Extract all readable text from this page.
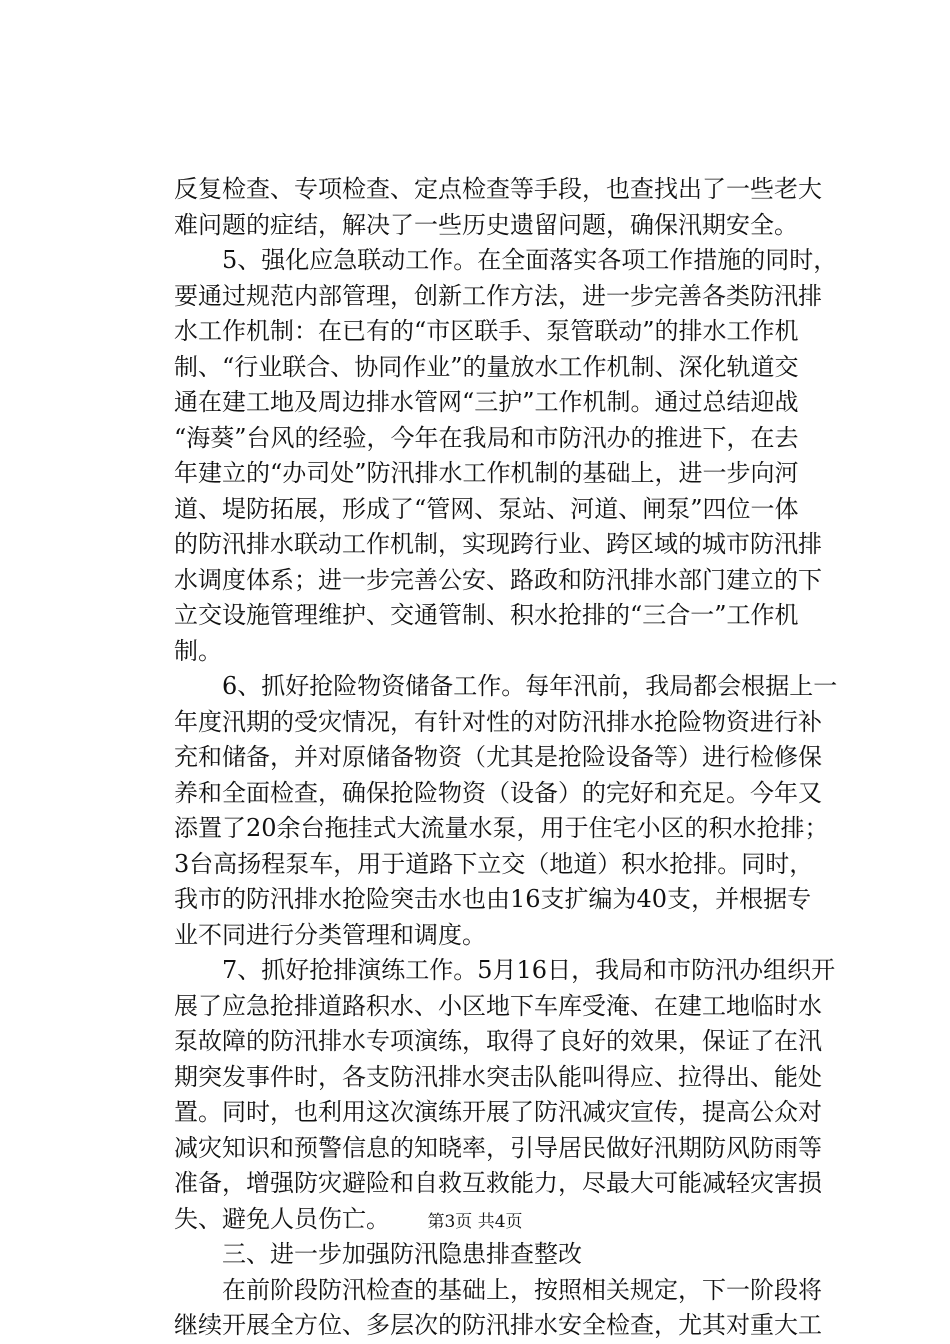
反复检查、专项检查、定点检查等手段，也查找出了一些老大
难问题的症结，解决了一些历史遗留问题，确保汛期安全。
5、强化应急联动工作。在全面落实各项工作措施的同时，
要通过规范内部管理，创新工作方法，进一步完善各类防汛排
水工作机制：在已有的“市区联手、泵管联动”的排水工作机
制、“行业联合、协同作业”的量放水工作机制、深化轨道交
通在建工地及周边排水管网“三护”工作机制。通过总结迎战
“海葵”台风的经验，今年在我局和市防汛办的推进下，在去
年建立的“办司处”防汛排水工作机制的基础上，进一步向河
道、堤防拓展，形成了“管网、泵站、河道、闸泵”四位一体
的防汛排水联动工作机制，实现跨行业、跨区域的城市防汛排
水调度体系；进一步完善公安、路政和防汛排水部门建立的下
立交设施管理维护、交通管制、积水抢排的“三合一”工作机
制。
6、抓好抢险物资储备工作。每年汛前，我局都会根据上一
年度汛期的受灾情况，有针对性的对防汛排水抢险物资进行补
充和储备，并对原储备物资（尤其是抢险设备等）进行检修保
养和全面检查，确保抢险物资（设备）的完好和充足。今年又
添置了20余台拖挂式大流量水泵，用于住宅小区的积水抢排；
3台高扬程泵车，用于道路下立交（地道）积水抢排。同时，
我市的防汛排水抢险突击水也由16支扩编为40支，并根据专
业不同进行分类管理和调度。
7、抓好抢排演练工作。5月16日，我局和市防汛办组织开
展了应急抢排道路积水、小区地下车库受淹、在建工地临时水
泵故障的防汛排水专项演练，取得了良好的效果，保证了在汛
期突发事件时，各支防汛排水突击队能叫得应、拉得出、能处
置。同时，也利用这次演练开展了防汛减灾宣传，提高公众对
减灾知识和预警信息的知晓率，引导居民做好汛期防风防雨等
准备，增强防灾避险和自救互救能力，尽最大可能减轻灾害损
失、避免人员伤亡。
三、进一步加强防汛隐患排查整改
在前阶段防汛检查的基础上，按照相关规定，下一阶段将
继续开展全方位、多层次的防汛排水安全检查，尤其对重大工
第3页 共4页
